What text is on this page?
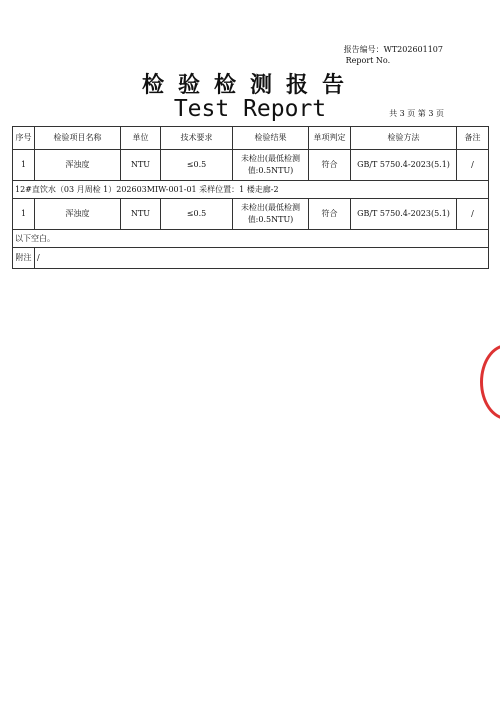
报告编号：WT202601107
Report No.
检验检测报告
Test Report	共 3 页 第 3 页
序号	检验项目名称	单位	技术要求	检验结果	单项判定	检验方法	备注
1	浑浊度	NTU	≤0.5	未检出(最低检测值:0.5NTU)	符合	GB/T 5750.4-2023(5.1)	/
12#直饮水（03 月周检 1）202603MIW-001-01 采样位置：1 楼走廊-2							
1	浑浊度	NTU	≤0.5	未检出(最低检测值:0.5NTU)	符合	GB/T 5750.4-2023(5.1)	/
以下空白。							
附注	/						
